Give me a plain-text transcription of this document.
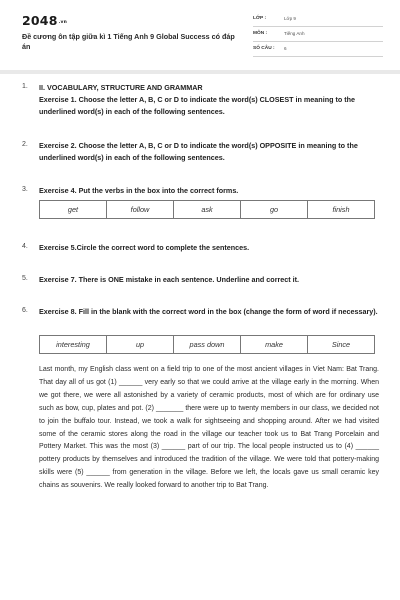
$2048^{.vn}$
Đề cương ôn tập giữa kì 1 Tiếng Anh 9 Global Success có đáp án
LỚP :	Lớp 9
MÔN :	Tiếng Anh
SỐ CÂU : 6
1. II. VOCABULARY, STRUCTURE AND GRAMMAR
Exercise 1. Choose the letter A, B, C or D to indicate the word(s) CLOSEST in meaning to the underlined word(s) in each of the following sentences.
2. Exercise 2. Choose the letter A, B, C or D to indicate the word(s) OPPOSITE in meaning to the underlined word(s) in each of the following sentences.
3. Exercise 4. Put the verbs in the box into the correct forms.
get	follow	ask	go	finish
4. Exercise 5.Circle the correct word to complete the sentences.
5. Exercise 7. There is ONE mistake in each sentence. Underline and correct it.
6. Exercise 8. Fill in the blank with the correct word in the box (change the form of word if necessary).
interesting	up	pass down	make	Since
Last month, my English class went on a field trip to one of the most ancient villages in Viet Nam: Bat Trang. That day all of us got (1) ______ very early so that we could arrive at the village early in the morning. When we got there, we were all astonished by a variety of ceramic products, most of which are for ordinary use such as bow, cup, plates and pot. (2) _______ there were up to twenty members in our class, we decided not to join the buffalo tour. Instead, we took a walk for sightseeing and shopping around. After we had visited some of the ceramic stores along the road in the village our teacher took us to Bat Trang Porcelain and Pottery Market. This was the most (3) ______ part of our trip. The local people instructed us to (4) ______ pottery products by themselves and introduced the tradition of the village. We were told that pottery-making skills were (5) ______ from generation in the village. Before we left, the locals gave us small ceramic key chains as souvenirs. We really looked forward to another trip to Bat Trang.
